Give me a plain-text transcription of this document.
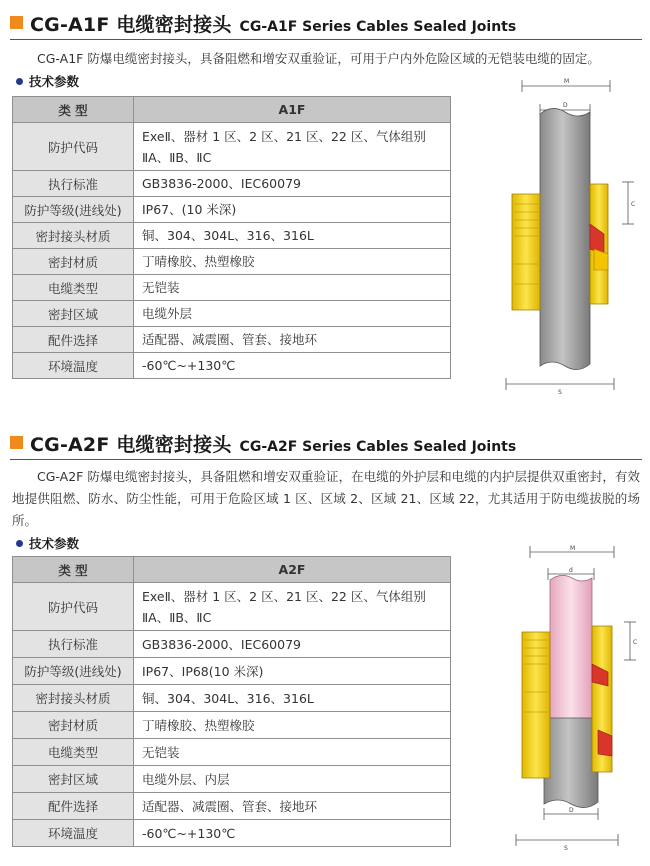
CG-A1F 电缆密封接头 CG-A1F Series Cables Sealed Joints
CG-A1F 防爆电缆密封接头，具备阻燃和增安双重验证，可用于户内外危险区域的无铠装电缆的固定。
技术参数
类 型	A1F
防护代码	ExeⅡ、器材 1 区、2 区、21 区、22 区、气体组别ⅡA、ⅡB、ⅡC
执行标准	GB3836-2000、IEC60079
防护等级(进线处)	IP67、(10 米深)
密封接头材质	铜、304、304L、316、316L
密封材质	丁晴橡胶、热塑橡胶
电缆类型	无铠装
密封区域	电缆外层
配件选择	适配器、减震圈、管套、接地环
环境温度	-60℃~+130℃
M
D
C
S
CG-A2F 电缆密封接头 CG-A2F Series Cables Sealed Joints
CG-A2F 防爆电缆密封接头，具备阻燃和增安双重验证，在电缆的外护层和电缆的内护层提供双重密封，有效地提供阻燃、防水、防尘性能，可用于危险区域 1 区、区域 2、区域 21、区域 22，尤其适用于防电缆拔脱的场所。
技术参数
类 型	A2F
防护代码	ExeⅡ、器材 1 区、2 区、21 区、22 区、气体组别ⅡA、ⅡB、ⅡC
执行标准	GB3836-2000、IEC60079
防护等级(进线处)	IP67、IP68(10 米深)
密封接头材质	铜、304、304L、316、316L
密封材质	丁晴橡胶、热塑橡胶
电缆类型	无铠装
密封区域	电缆外层、内层
配件选择	适配器、减震圈、管套、接地环
环境温度	-60℃~+130℃
M
d
C
D
S
